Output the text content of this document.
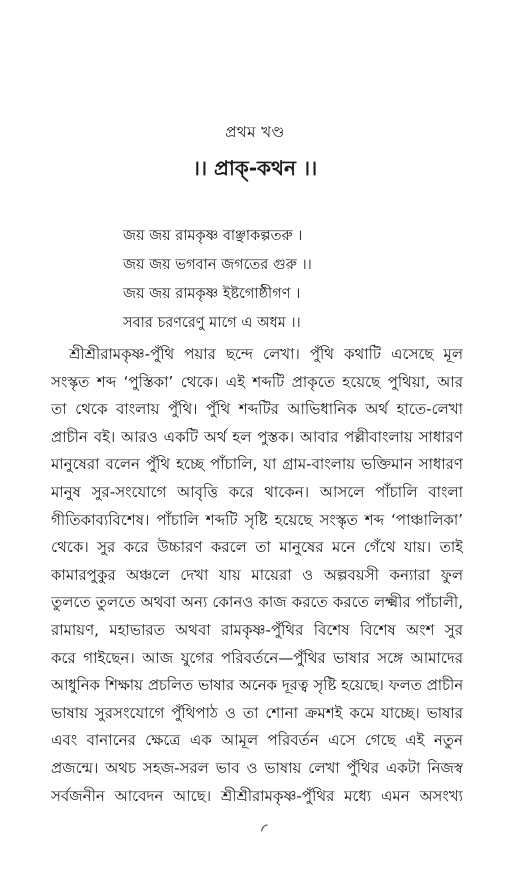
প্রথম খণ্ড
।। প্রাক্-কথন ।।
জয় জয় রামকৃষ্ণ বাঞ্ছাকল্পতরু ।
জয় জয় ভগবান জগতের গুরু ।।
জয় জয় রামকৃষ্ণ ইষ্টগোষ্ঠীগণ ।
সবার চরণরেণু মাগে এ অধম ।।
শ্রীশ্রীরামকৃষ্ণ-পুঁথি পয়ার ছন্দে লেখা। পুঁথি কথাটি এসেছে মূল
সংস্কৃত শব্দ ‘পুস্তিকা’ থেকে। এই শব্দটি প্রাকৃতে হয়েছে পুথিয়া, আর
তা থেকে বাংলায় পুঁথি। পুঁথি শব্দটির আভিধানিক অর্থ হাতে-লেখা
প্রাচীন বই। আরও একটি অর্থ হল পুস্তক। আবার পল্লীবাংলায় সাধারণ
মানুষেরা বলেন পুঁথি হচ্ছে পাঁচালি, যা গ্রাম-বাংলায় ভক্তিমান সাধারণ
মানুষ সুর-সংযোগে আবৃত্তি করে থাকেন। আসলে পাঁচালি বাংলা
গীতিকাব্যবিশেষ। পাঁচালি শব্দটি সৃষ্টি হয়েছে সংস্কৃত শব্দ ‘পাঞ্চালিকা’
থেকে। সুর করে উচ্চারণ করলে তা মানুষের মনে গেঁথে যায়। তাই
কামারপুকুর অঞ্চলে দেখা যায় মায়েরা ও অল্পবয়সী কন্যারা ফুল
তুলতে তুলতে অথবা অন্য কোনও কাজ করতে করতে লক্ষ্মীর পাঁচালী,
রামায়ণ, মহাভারত অথবা রামকৃষ্ণ-পুঁথির বিশেষ বিশেষ অংশ সুর
করে গাইছেন। আজ যুগের পরিবর্তনে—পুঁথির ভাষার সঙ্গে আমাদের
আধুনিক শিক্ষায় প্রচলিত ভাষার অনেক দূরত্ব সৃষ্টি হয়েছে। ফলত প্রাচীন
ভাষায় সুরসংযোগে পুঁথিপাঠ ও তা শোনা ক্রমশই কমে যাচ্ছে। ভাষার
এবং বানানের ক্ষেত্রে এক আমূল পরিবর্তন এসে গেছে এই নতুন
প্রজন্মে। অথচ সহজ-সরল ভাব ও ভাষায় লেখা পুঁথির একটা নিজস্ব
সর্বজনীন আবেদন আছে। শ্রীশ্রীরামকৃষ্ণ-পুঁথির মধ্যে এমন অসংখ্য
